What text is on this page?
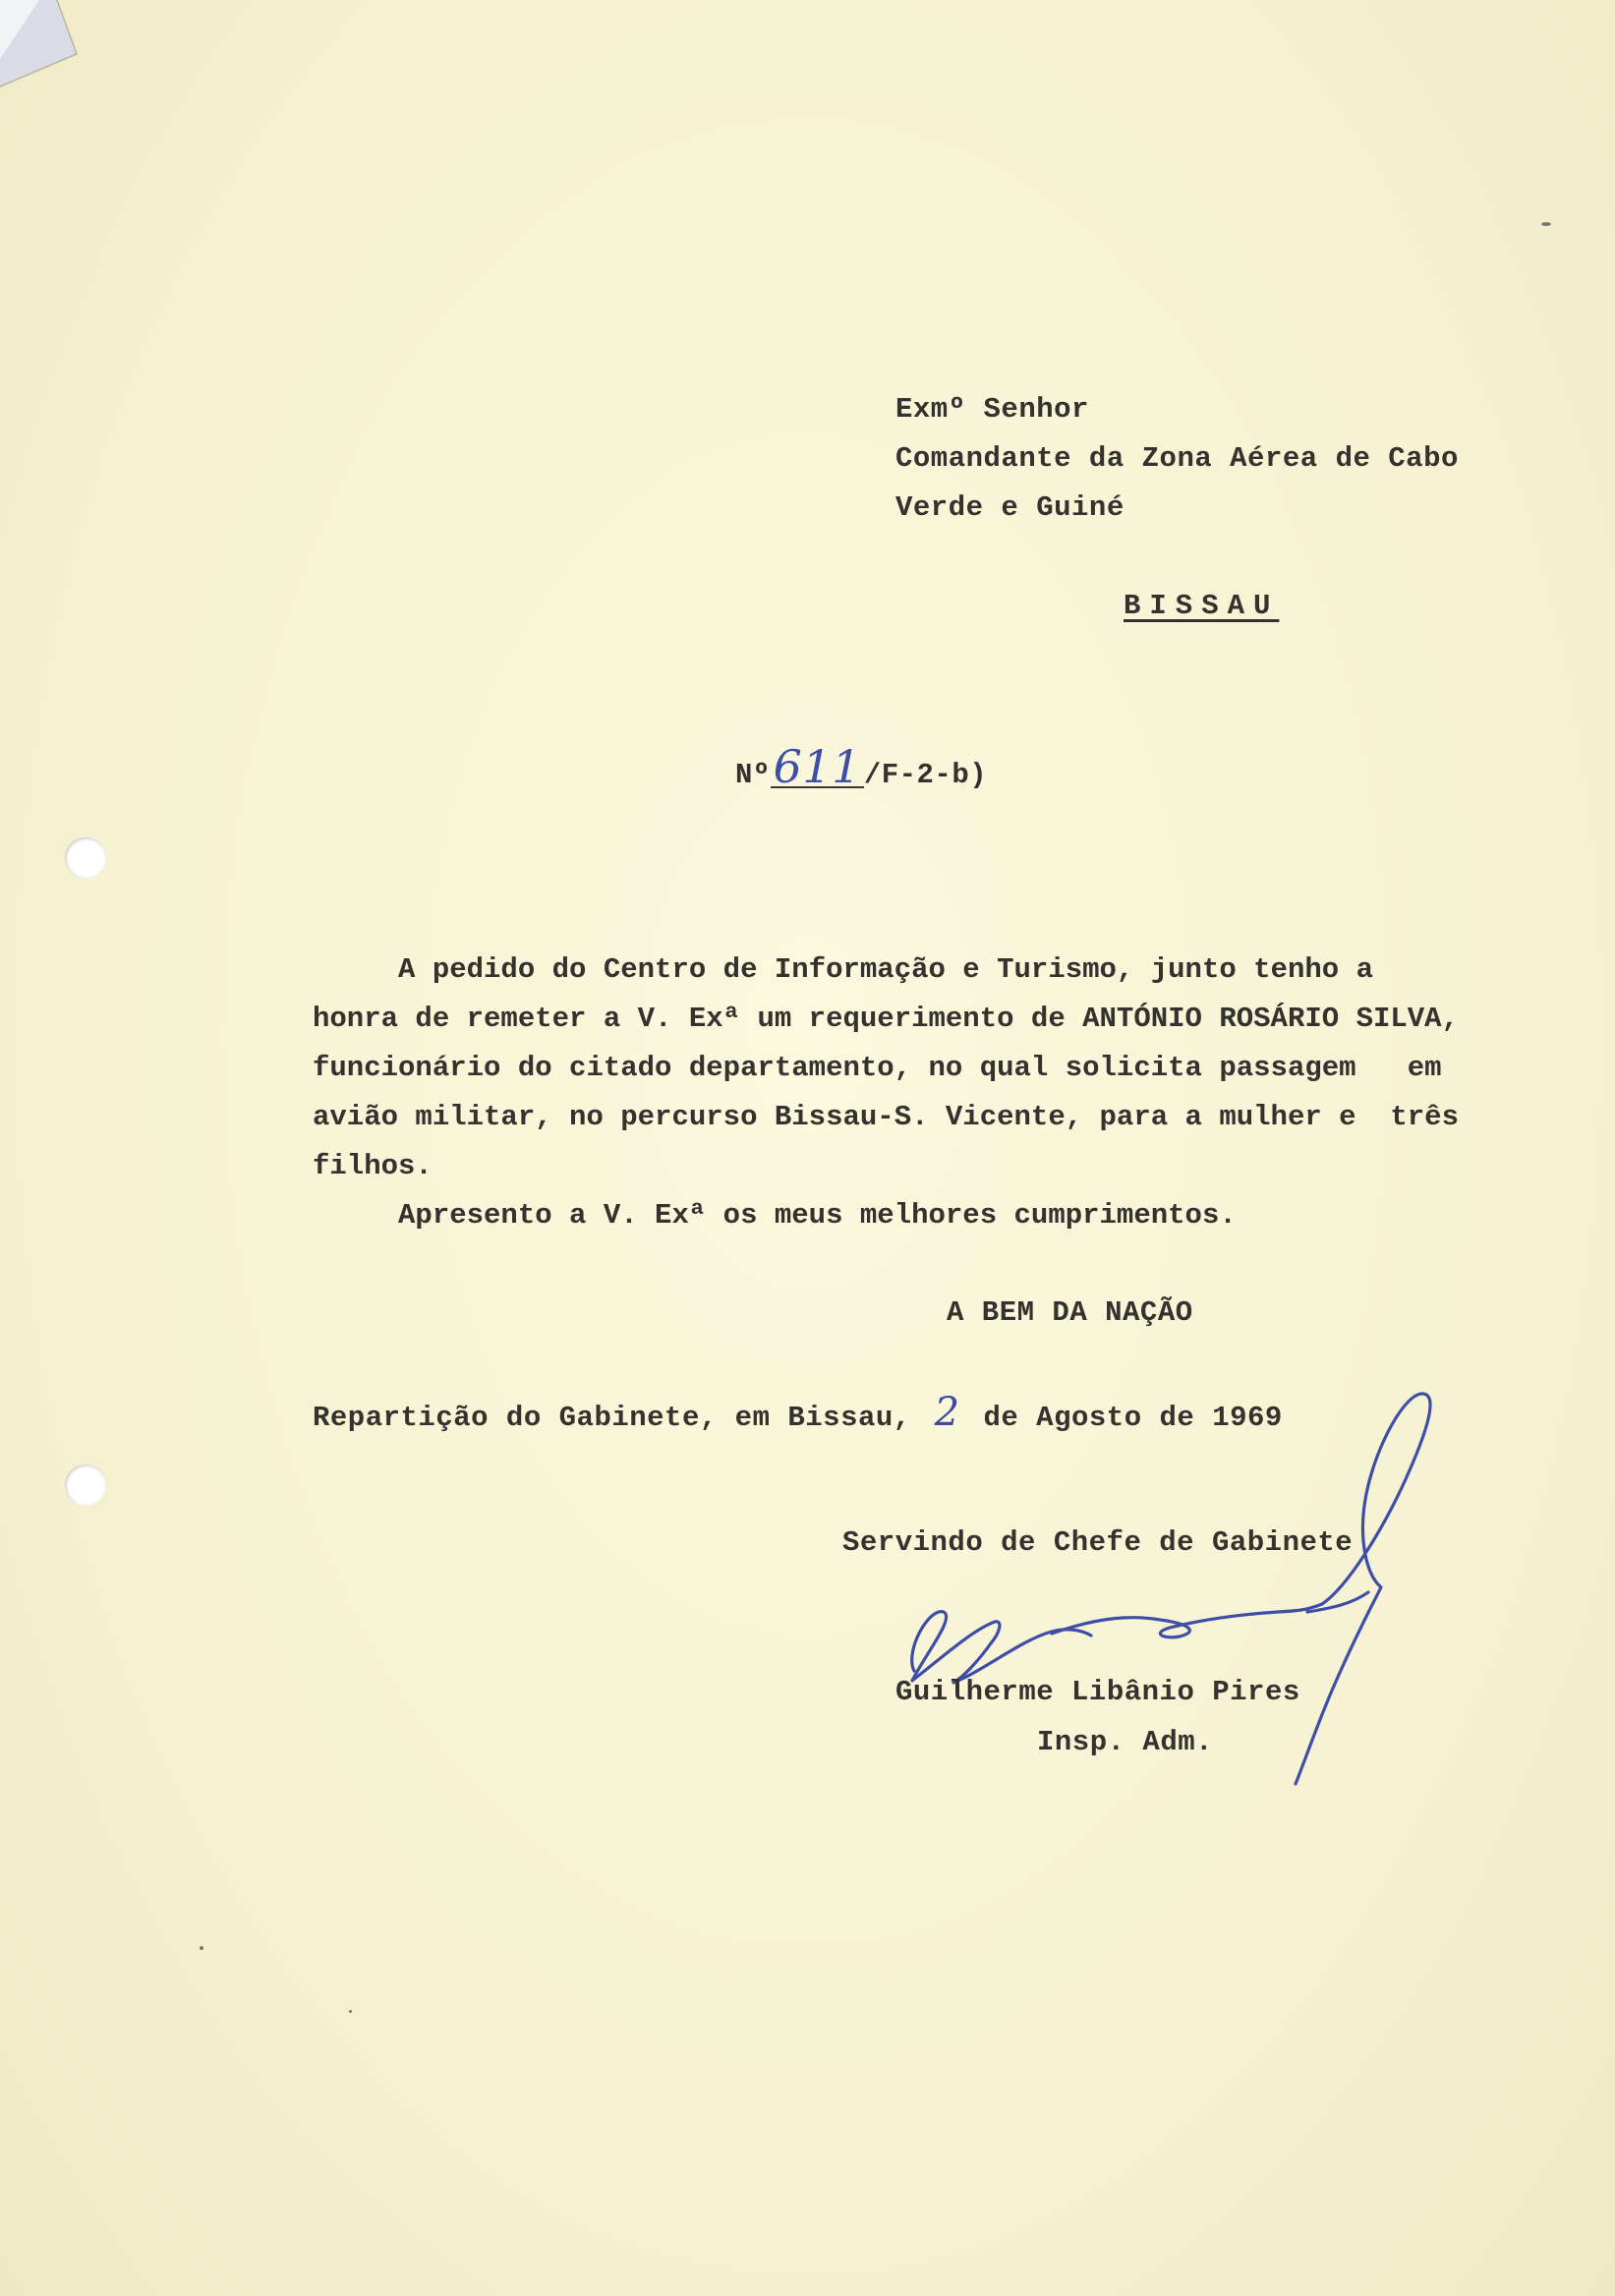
Exmº Senhor
Comandante da Zona Aérea de Cabo
Verde e Guiné
BISSAU
Nº611/F-2-b)
A pedido do Centro de Informação e Turismo, junto tenho a
honra de remeter a V. Exª um requerimento de ANTÓNIO ROSÁRIO SILVA,
funcionário do citado departamento, no qual solicita passagem   em
avião militar, no percurso Bissau-S. Vicente, para a mulher e  três
filhos.
Apresento a V. Exª os meus melhores cumprimentos.
A BEM DA NAÇÃO
Repartição do Gabinete, em Bissau, 2 de Agosto de 1969
Servindo de Chefe de Gabinete
Guilherme Libânio Pires
Insp. Adm.
